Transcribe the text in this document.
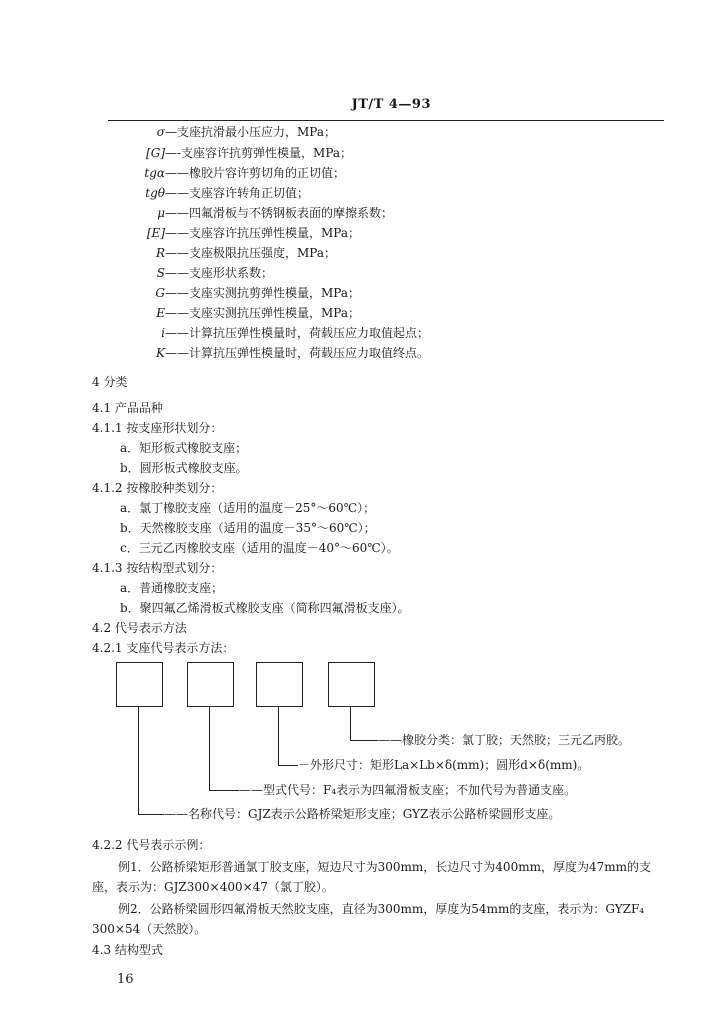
JT/T 4—93
σ—支座抗滑最小压应力，MPa；
[G]—-支座容许抗剪弹性模量，MPa；
tgα——橡胶片容许剪切角的正切值；
tgθ——支座容许转角正切值；
μ——四氟滑板与不锈钢板表面的摩擦系数；
[E]——支座容许抗压弹性模量，MPa；
R——支座极限抗压强度，MPa；
S——支座形状系数；
G——支座实测抗剪弹性模量，MPa；
E——支座实测抗压弹性模量，MPa；
i——计算抗压弹性模量时，荷载压应力取值起点；
K——计算抗压弹性模量时，荷载压应力取值终点。
4 分类
4.1 产品品种
4.1.1 按支座形状划分：
a．矩形板式橡胶支座；
b．圆形板式橡胶支座。
4.1.2 按橡胶种类划分：
a．氯丁橡胶支座（适用的温度－25°～60℃）；
b．天然橡胶支座（适用的温度－35°～60℃）；
c．三元乙丙橡胶支座（适用的温度－40°～60℃）。
4.1.3 按结构型式划分：
a．普通橡胶支座；
b．聚四氟乙烯滑板式橡胶支座（简称四氟滑板支座）。
4.2 代号表示方法
4.2.1 支座代号表示方法：
——橡胶分类：氯丁胶；天然胶；三元乙丙胶。
－外形尺寸：矩形La×Lb×δ(mm)；圆形d×δ(mm)。
——型式代号：F₄表示为四氟滑板支座；不加代号为普通支座。
——名称代号：GJZ表示公路桥梁矩形支座；GYZ表示公路桥梁圆形支座。
4.2.2 代号表示示例：
例1．公路桥梁矩形普通氯丁胶支座，短边尺寸为300mm，长边尺寸为400mm，厚度为47mm的支
座，表示为：GJZ300×400×47（氯丁胶）。
例2．公路桥梁圆形四氟滑板天然胶支座，直径为300mm，厚度为54mm的支座，表示为：GYZF₄
300×54（天然胶）。
4.3 结构型式
16
